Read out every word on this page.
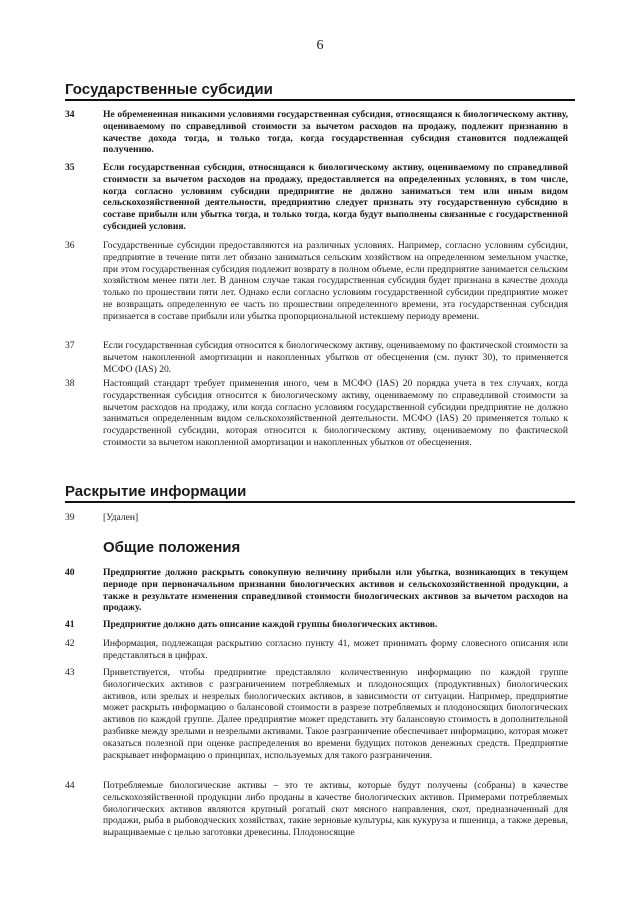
6
Государственные субсидии
34	Не обремененная никакими условиями государственная субсидия, относящаяся к биологическому активу, оцениваемому по справедливой стоимости за вычетом расходов на продажу, подлежит признанию в качестве дохода тогда, и только тогда, когда государственная субсидия становится подлежащей получению.
35	Если государственная субсидия, относящаяся к биологическому активу, оцениваемому по справедливой стоимости за вычетом расходов на продажу, предоставляется на определенных условиях, в том числе, когда согласно условиям субсидии предприятие не должно заниматься тем или иным видом сельскохозяйственной деятельности, предприятию следует признать эту государственную субсидию в составе прибыли или убытка тогда, и только тогда, когда будут выполнены связанные с государственной субсидией условия.
36	Государственные субсидии предоставляются на различных условиях. Например, согласно условиям субсидии, предприятие в течение пяти лет обязано заниматься сельским хозяйством на определенном земельном участке, при этом государственная субсидия подлежит возврату в полном объеме, если предприятие занимается сельским хозяйством менее пяти лет. В данном случае такая государственная субсидия будет признана в качестве дохода только по прошествии пяти лет. Однако если согласно условиям государственной субсидии предприятие может не возвращать определенную ее часть по прошествии определенного времени, эта государственная субсидия признается в составе прибыли или убытка пропорциональной истекшему периоду времени.
37	Если государственная субсидия относится к биологическому активу, оцениваемому по фактической стоимости за вычетом накопленной амортизации и накопленных убытков от обесценения (см. пункт 30), то применяется МСФО (IAS) 20.
38	Настоящий стандарт требует применения иного, чем в МСФО (IAS) 20 порядка учета в тех случаях, когда государственная субсидия относится к биологическому активу, оцениваемому по справедливой стоимости за вычетом расходов на продажу, или когда согласно условиям государственной субсидии предприятие не должно заниматься определенным видом сельскохозяйственной деятельности. МСФО (IAS) 20 применяется только к государственной субсидии, которая относится к биологическому активу, оцениваемому по фактической стоимости за вычетом накопленной амортизации и накопленных убытков от обесценения.
Раскрытие информации
39	[Удален]
Общие положения
40	Предприятие должно раскрыть совокупную величину прибыли или убытка, возникающих в текущем периоде при первоначальном признании биологических активов и сельскохозяйственной продукции, а также в результате изменения справедливой стоимости биологических активов за вычетом расходов на продажу.
41	Предприятие должно дать описание каждой группы биологических активов.
42	Информация, подлежащая раскрытию согласно пункту 41, может принимать форму словесного описания или представляться в цифрах.
43	Приветствуется, чтобы предприятие представляло количественную информацию по каждой группе биологических активов с разграничением потребляемых и плодоносящих (продуктивных) биологических активов, или зрелых и незрелых биологических активов, в зависимости от ситуации. Например, предприятие может раскрыть информацию о балансовой стоимости в разрезе потребляемых и плодоносящих биологических активов по каждой группе. Далее предприятие может представить эту балансовую стоимость в дополнительной разбивке между зрелыми и незрелыми активами. Такое разграничение обеспечивает информацию, которая может оказаться полезной при оценке распределения во времени будущих потоков денежных средств. Предприятие раскрывает информацию о принципах, используемых для такого разграничения.
44	Потребляемые биологические активы – это те активы, которые будут получены (собраны) в качестве сельскохозяйственной продукции либо проданы в качестве биологических активов. Примерами потребляемых биологических активов являются крупный рогатый скот мясного направления, скот, предназначенный для продажи, рыба в рыбоводческих хозяйствах, такие зерновые культуры, как кукуруза и пшеница, а также деревья, выращиваемые с целью заготовки древесины. Плодоносящие
